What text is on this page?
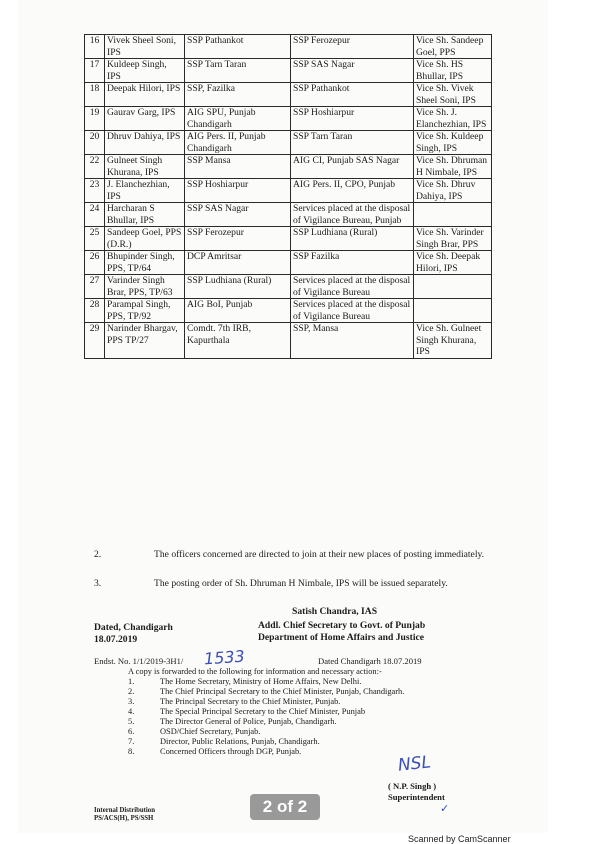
16	Vivek Sheel Soni, IPS	SSP Pathankot	SSP Ferozepur	Vice Sh. Sandeep Goel, PPS
17	Kuldeep Singh, IPS	SSP Tarn Taran	SSP SAS Nagar	Vice Sh. HS Bhullar, IPS
18	Deepak Hilori, IPS	SSP, Fazilka	SSP Pathankot	Vice Sh. Vivek Sheel Soni, IPS
19	Gaurav Garg, IPS	AIG SPU, Punjab Chandigarh	SSP Hoshiarpur	Vice Sh. J. Elanchezhian, IPS
20	Dhruv Dahiya, IPS	AIG Pers. II, Punjab Chandigarh	SSP Tarn Taran	Vice Sh. Kuldeep Singh, IPS
22	Gulneet Singh Khurana, IPS	SSP Mansa	AIG CI, Punjab SAS Nagar	Vice Sh. Dhruman H Nimbale, IPS
23	J. Elanchezhian, IPS	SSP Hoshiarpur	AIG Pers. II, CPO, Punjab	Vice Sh. Dhruv Dahiya, IPS
24	Harcharan S Bhullar, IPS	SSP SAS Nagar	Services placed at the disposal of Vigilance Bureau, Punjab	
25	Sandeep Goel, PPS (D.R.)	SSP Ferozepur	SSP Ludhiana (Rural)	Vice Sh. Varinder Singh Brar, PPS
26	Bhupinder Singh, PPS, TP/64	DCP Amritsar	SSP Fazilka	Vice Sh. Deepak Hilori, IPS
27	Varinder Singh Brar, PPS, TP/63	SSP Ludhiana (Rural)	Services placed at the disposal of Vigilance Bureau	
28	Parampal Singh, PPS, TP/92	AIG BoI, Punjab	Services placed at the disposal of Vigilance Bureau	
29	Narinder Bhargav, PPS TP/27	Comdt. 7th IRB, Kapurthala	SSP, Mansa	Vice Sh. Gulneet Singh Khurana, IPS
2.	The officers concerned are directed to join at their new places of posting immediately.
3.	The posting order of Sh. Dhruman H Nimbale, IPS will be issued separately.
Satish Chandra, IAS
Addl. Chief Secretary to Govt. of Punjab
Department of Home Affairs and Justice
Dated, Chandigarh
18.07.2019
Endst. No. 1/1/2019-3H1/ 1533	Dated Chandigarh 18.07.2019
A copy is forwarded to the following for information and necessary action:-
1.	The Home Secretary, Ministry of Home Affairs, New Delhi.
2.	The Chief Principal Secretary to the Chief Minister, Punjab, Chandigarh.
3.	The Principal Secretary to the Chief Minister, Punjab.
4.	The Special Principal Secretary to the Chief Minister, Punjab
5.	The Director General of Police, Punjab, Chandigarh.
6.	OSD/Chief Secretary, Punjab.
7.	Director, Public Relations, Punjab, Chandigarh.
8.	Concerned Officers through DGP, Punjab.
NSL
( N.P. Singh )
Superintendent
✓
Internal Distribution
PS/ACS(H), PS/SSH
2 of 2
Scanned by CamScanner
